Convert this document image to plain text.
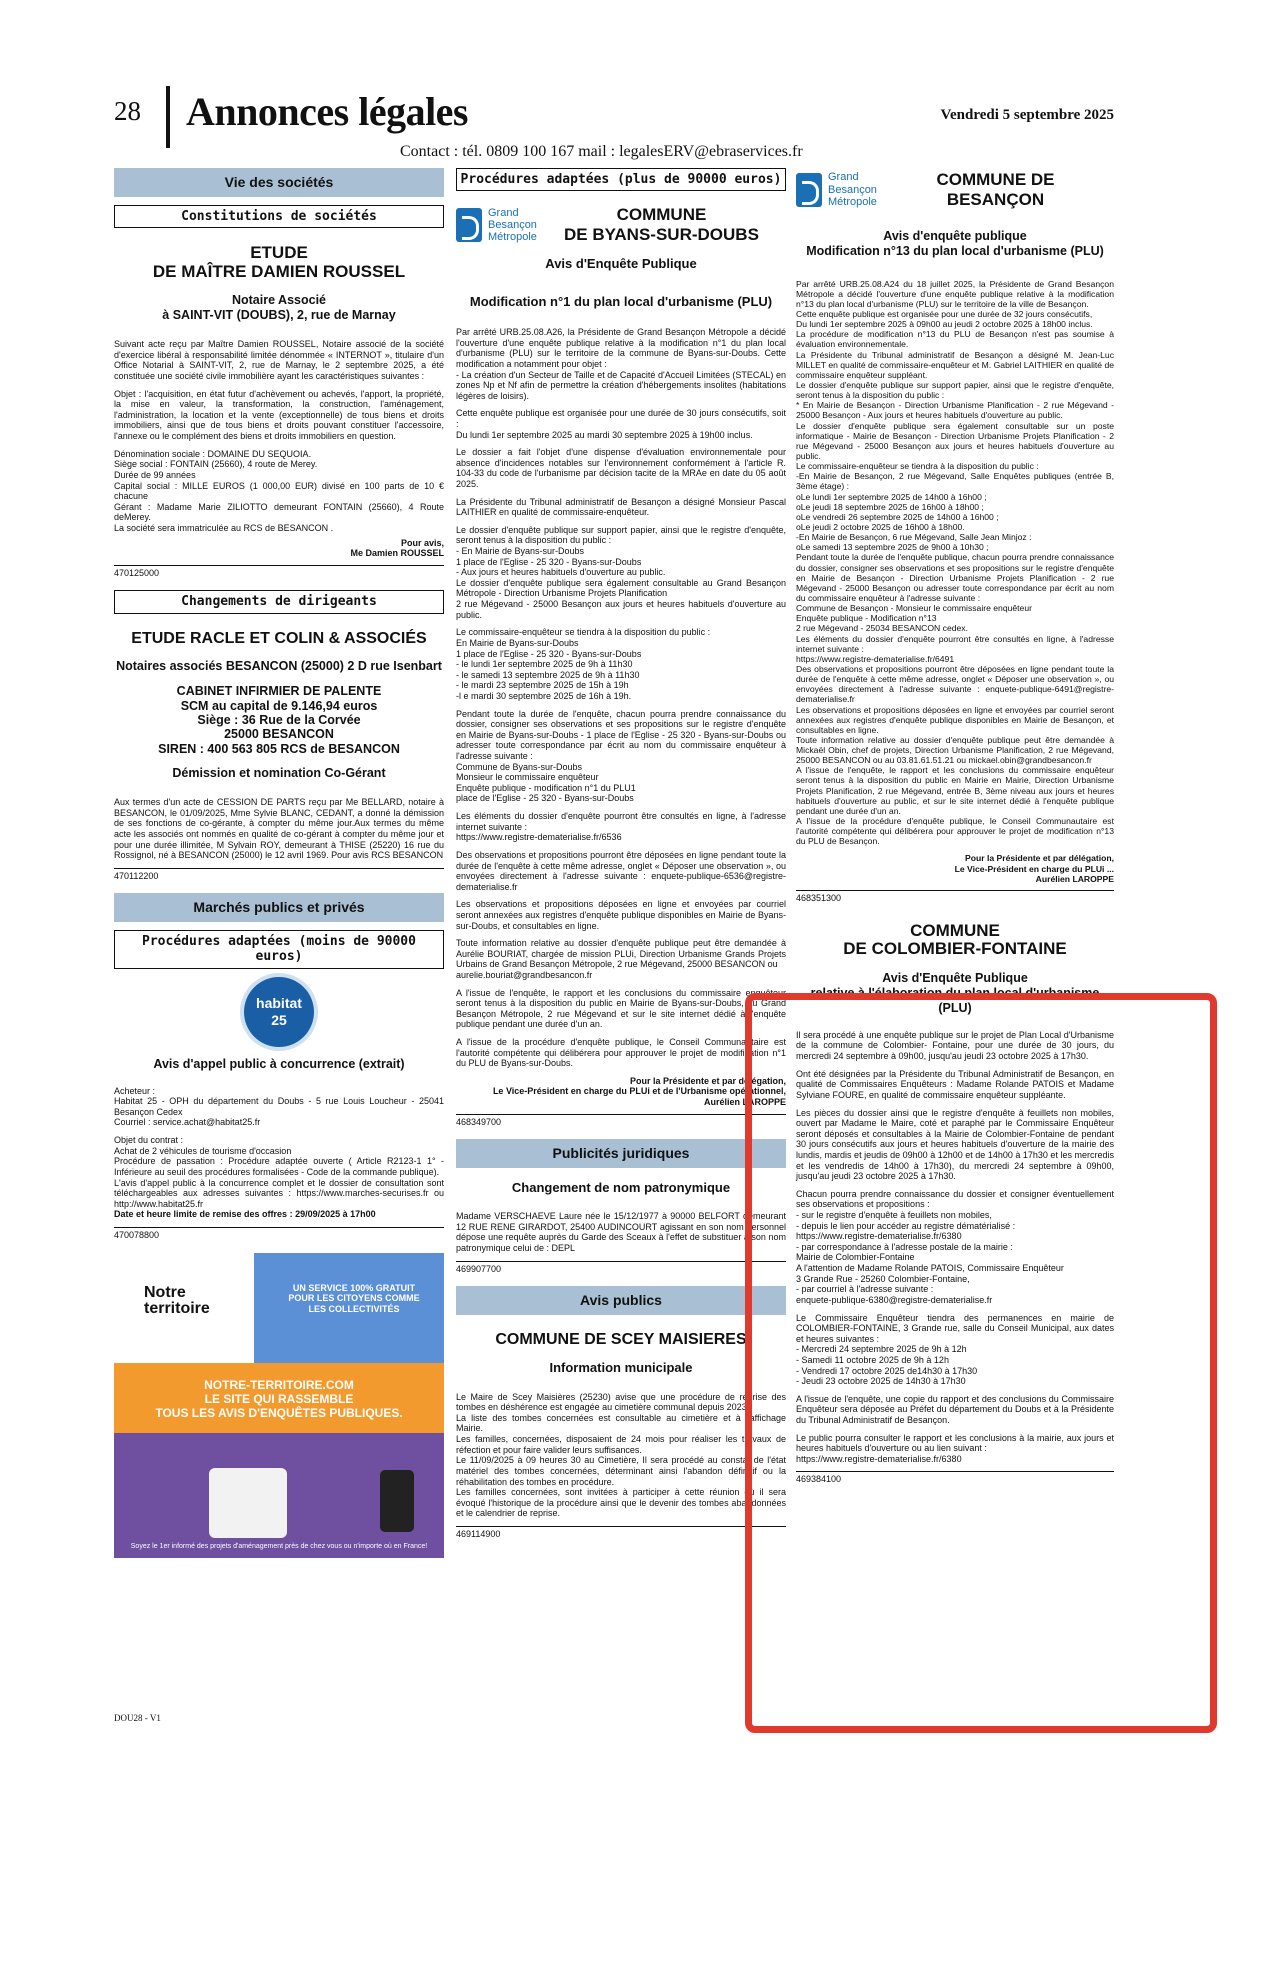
28 Annonces légales	Vendredi 5 septembre 2025
Contact : tél. 0809 100 167 mail : legalesERV@ebraservices.fr
Vie des sociétés
Constitutions de sociétés
ETUDE
DE MAÎTRE DAMIEN ROUSSEL
Notaire Associé
à SAINT-VIT (DOUBS), 2, rue de Marnay

Suivant acte reçu par Maître Damien ROUSSEL, Notaire associé de la société d'exercice libéral à responsabilité limitée dénommée « INTERNOT », titulaire d'un Office Notarial à SAINT-VIT, 2, rue de Marnay, le 2 septembre 2025, a été constituée une société civile immobilière ayant les caractéristiques suivantes :

Objet : l'acquisition, en état futur d'achèvement ou achevés, l'apport, la propriété, la mise en valeur, la transformation, la construction, l'aménagement, l'administration, la location et la vente (exceptionnelle) de tous biens et droits immobiliers, ainsi que de tous biens et droits pouvant constituer l'accessoire, l'annexe ou le complément des biens et droits immobiliers en question.

Dénomination sociale : DOMAINE DU SEQUOIA.

Siège social : FONTAIN (25660), 4 route de Merey.

Durée de 99 années

Capital social : MILLE EUROS (1 000,00 EUR) divisé en 100 parts de 10 € chacune

Gérant : Madame Marie ZILIOTTO demeurant FONTAIN (25660), 4 Route deMerey.

La société sera immatriculée au RCS de BESANCON .

Pour avis,
Me Damien ROUSSEL
470125000
Changements de dirigeants
ETUDE RACLE ET COLIN & ASSOCIÉS
Notaires associés BESANCON (25000) 2 D rue Isenbart
CABINET INFIRMIER DE PALENTE
SCM au capital de 9.146,94 euros
Siège : 36 Rue de la Corvée
25000 BESANCON
SIREN : 400 563 805 RCS de BESANCON
Démission et nomination Co-Gérant

Aux termes d'un acte de CESSION DE PARTS reçu par Me BELLARD, notaire à BESANCON, le 01/09/2025, Mme Sylvie BLANC, CEDANT, a donné la démission de ses fonctions de co-gérante, à compter du même jour.Aux termes du même acte les associés ont nommés en qualité de co-gérant à compter du même jour et pour une durée illimitée, M Sylvain ROY, demeurant à THISE (25220) 16 rue du Rossignol, né à BESANCON (25000) le 12 avril 1969. Pour avis RCS BESANCON

470112200
Marchés publics et privés
Procédures adaptées (moins de 90000 euros)
habitat
25
Avis d'appel public à concurrence (extrait)

Acheteur :
Habitat 25 - OPH du département du Doubs - 5 rue Louis Loucheur - 25041 Besançon Cedex
Courriel : service.achat@habitat25.fr

Objet du contrat :
Achat de 2 véhicules de tourisme d'occasion
Procédure de passation : Procédure adaptée ouverte ( Article R2123-1 1° - Inférieure au seuil des procédures formalisées - Code de la commande publique).
L'avis d'appel public à la concurrence complet et le dossier de consultation sont téléchargeables aux adresses suivantes : https://www.marches-securises.fr ou http://www.habitat25.fr

Date et heure limite de remise des offres : 29/09/2025 à 17h00

470078800
Notre
territoire
UN SERVICE 100% GRATUIT POUR LES CITOYENS COMME LES COLLECTIVITÉS
NOTRE-TERRITOIRE.COM
LE SITE QUI RASSEMBLE
TOUS LES AVIS D'ENQUÊTES PUBLIQUES.
Soyez le 1er informé des projets d'aménagement près de chez vous ou n'importe où en France!
Procédures adaptées (plus de 90000 euros)
Grand
Besançon
Métropole
COMMUNE
DE BYANS-SUR-DOUBS
Avis d'Enquête Publique
Modification n°1 du plan local d'urbanisme (PLU)

Par arrêté URB.25.08.A26, la Présidente de Grand Besançon Métropole a décidé l'ouverture d'une enquête publique relative à la modification n°1 du plan local d'urbanisme (PLU) sur le territoire de la commune de Byans-sur-Doubs. Cette modification a notamment pour objet :
- La création d'un Secteur de Taille et de Capacité d'Accueil Limitées (STECAL) en zones Np et Nf afin de permettre la création d'hébergements insolites (habitations légères de loisirs).

Cette enquête publique est organisée pour une durée de 30 jours consécutifs, soit :
Du lundi 1er septembre 2025 au mardi 30 septembre 2025 à 19h00 inclus.

Le dossier a fait l'objet d'une dispense d'évaluation environnementale pour absence d'incidences notables sur l'environnement conformément à l'article R. 104-33 du code de l'urbanisme par décision tacite de la MRAe en date du 05 août 2025.

La Présidente du Tribunal administratif de Besançon a désigné Monsieur Pascal LAITHIER en qualité de commissaire-enquêteur.

Le dossier d'enquête publique sur support papier, ainsi que le registre d'enquête, seront tenus à la disposition du public :
- En Mairie de Byans-sur-Doubs
1 place de l'Eglise - 25 320 - Byans-sur-Doubs
- Aux jours et heures habituels d'ouverture au public.
Le dossier d'enquête publique sera également consultable au Grand Besançon Métropole - Direction Urbanisme Projets Planification
2 rue Mégevand - 25000 Besançon aux jours et heures habituels d'ouverture au public.

Le commissaire-enquêteur se tiendra à la disposition du public :
En Mairie de Byans-sur-Doubs
1 place de l'Eglise - 25 320 - Byans-sur-Doubs
- le lundi 1er septembre 2025 de 9h à 11h30
- le samedi 13 septembre 2025 de 9h à 11h30
- le mardi 23 septembre 2025 de 15h à 19h
-l e mardi 30 septembre 2025 de 16h à 19h.

Pendant toute la durée de l'enquête, chacun pourra prendre connaissance du dossier, consigner ses observations et ses propositions sur le registre d'enquête en Mairie de Byans-sur-Doubs - 1 place de l'Eglise - 25 320 - Byans-sur-Doubs ou adresser toute correspondance par écrit au nom du commissaire enquêteur à l'adresse suivante :
Commune de Byans-sur-Doubs
Monsieur le commissaire enquêteur
Enquête publique - modification n°1 du PLU1
place de l'Eglise - 25 320 - Byans-sur-Doubs

Les éléments du dossier d'enquête pourront être consultés en ligne, à l'adresse internet suivante :
https://www.registre-dematerialise.fr/6536

Des observations et propositions pourront être déposées en ligne pendant toute la durée de l'enquête à cette même adresse, onglet « Déposer une observation », ou envoyées directement à l'adresse suivante : enquete-publique-6536@registre-dematerialise.fr

Les observations et propositions déposées en ligne et envoyées par courriel seront annexées aux registres d'enquête publique disponibles en Mairie de Byans-sur-Doubs, et consultables en ligne.

Toute information relative au dossier d'enquête publique peut être demandée à Aurélie BOURIAT, chargée de mission PLUi, Direction Urbanisme Grands Projets Urbains de Grand Besançon Métropole, 2 rue Mégevand, 25000 BESANCON ou
aurelie.bouriat@grandbesancon.fr

A l'issue de l'enquête, le rapport et les conclusions du commissaire enquêteur seront tenus à la disposition du public en Mairie de Byans-sur-Doubs, au Grand Besançon Métropole, 2 rue Mégevand et sur le site internet dédié à l'enquête publique pendant une durée d'un an.

A l'issue de la procédure d'enquête publique, le Conseil Communautaire est l'autorité compétente qui délibérera pour approuver le projet de modification n°1 du PLU de Byans-sur-Doubs.

Pour la Présidente et par délégation,
Le Vice-Président en charge du PLUi et de l'Urbanisme opérationnel,
Aurélien LAROPPE
468349700
Publicités juridiques
Changement de nom patronymique

Madame VERSCHAEVE Laure née le 15/12/1977 à 90000 BELFORT demeurant 12 RUE RENE GIRARDOT, 25400 AUDINCOURT agissant en son nom personnel dépose une requête auprès du Garde des Sceaux à l'effet de substituer à son nom patronymique celui de : DEPL

469907700
Avis publics
COMMUNE DE SCEY MAISIERES
Information municipale

Le Maire de Scey Maisières (25230) avise que une procédure de reprise des tombes en déshérence est engagée au cimetière communal depuis 2023.
La liste des tombes concernées est consultable au cimetière et à l'affichage Mairie.
Les familles, concernées, disposaient de 24 mois pour réaliser les travaux de réfection et pour faire valider leurs suffisances.
Le 11/09/2025 à 09 heures 30 au Cimetière, Il sera procédé au constat de l'état matériel des tombes concernées, déterminant ainsi l'abandon définitif ou la réhabilitation des tombes en procédure.
Les familles concernées, sont invitées à participer à cette réunion où il sera évoqué l'historique de la procédure ainsi que le devenir des tombes abandonnées et le calendrier de reprise.

469114900
Grand
Besançon
Métropole
COMMUNE DE
BESANÇON
Avis d'enquête publique
Modification n°13 du plan local d'urbanisme (PLU)

Par arrêté URB.25.08.A24 du 18 juillet 2025, la Présidente de Grand Besançon Métropole a décidé l'ouverture d'une enquête publique relative à la modification n°13 du plan local d'urbanisme (PLU) sur le territoire de la ville de Besançon.
Cette enquête publique est organisée pour une durée de 32 jours consécutifs,
Du lundi 1er septembre 2025 à 09h00 au jeudi 2 octobre 2025 à 18h00 inclus.
La procédure de modification n°13 du PLU de Besançon n'est pas soumise à évaluation environnementale.
La Présidente du Tribunal administratif de Besançon a désigné M. Jean-Luc MILLET en qualité de commissaire-enquêteur et M. Gabriel LAITHIER en qualité de commissaire enquêteur suppléant.
Le dossier d'enquête publique sur support papier, ainsi que le registre d'enquête, seront tenus à la disposition du public :
* En Mairie de Besançon - Direction Urbanisme Planification - 2 rue Mégevand - 25000 Besançon - Aux jours et heures habituels d'ouverture au public.
Le dossier d'enquête publique sera également consultable sur un poste informatique - Mairie de Besançon - Direction Urbanisme Projets Planification - 2 rue Mégevand - 25000 Besançon aux jours et heures habituels d'ouverture au public.
Le commissaire-enquêteur se tiendra à la disposition du public :
-En Mairie de Besançon, 2 rue Mégevand, Salle Enquêtes publiques (entrée B, 3ème étage) :
oLe lundi 1er septembre 2025 de 14h00 à 16h00 ;
oLe jeudi 18 septembre 2025 de 16h00 à 18h00 ;
oLe vendredi 26 septembre 2025 de 14h00 à 16h00 ;
oLe jeudi 2 octobre 2025 de 16h00 à 18h00.
-En Mairie de Besançon, 6 rue Mégevand, Salle Jean Minjoz :
oLe samedi 13 septembre 2025 de 9h00 à 10h30 ;
Pendant toute la durée de l'enquête publique, chacun pourra prendre connaissance du dossier, consigner ses observations et ses propositions sur le registre d'enquête en Mairie de Besançon - Direction Urbanisme Projets Planification - 2 rue Mégevand - 25000 Besançon ou adresser toute correspondance par écrit au nom du commissaire enquêteur à l'adresse suivante :
Commune de Besançon - Monsieur le commissaire enquêteur
Enquête publique - Modification n°13
2 rue Mégevand - 25034 BESANCON cedex.
Les éléments du dossier d'enquête pourront être consultés en ligne, à l'adresse internet suivante :
https://www.registre-dematerialise.fr/6491
Des observations et propositions pourront être déposées en ligne pendant toute la durée de l'enquête à cette même adresse, onglet « Déposer une observation », ou envoyées directement à l'adresse suivante : enquete-publique-6491@registre-dematerialise.fr
Les observations et propositions déposées en ligne et envoyées par courriel seront annexées aux registres d'enquête publique disponibles en Mairie de Besançon, et consultables en ligne.
Toute information relative au dossier d'enquête publique peut être demandée à Mickaël Obin, chef de projets, Direction Urbanisme Planification, 2 rue Mégevand, 25000 BESANCON ou au 03.81.61.51.21 ou mickael.obin@grandbesancon.fr
A l'issue de l'enquête, le rapport et les conclusions du commissaire enquêteur seront tenus à la disposition du public en Mairie en Mairie, Direction Urbanisme Projets Planification, 2 rue Mégevand, entrée B, 3ème niveau aux jours et heures habituels d'ouverture au public, et sur le site internet dédié à l'enquête publique pendant une durée d'un an.
A l'issue de la procédure d'enquête publique, le Conseil Communautaire est l'autorité compétente qui délibérera pour approuver le projet de modification n°13 du PLU de Besançon.

Pour la Présidente et par délégation,
Le Vice-Président en charge du PLUi ...
Aurélien LAROPPE
468351300
COMMUNE
DE COLOMBIER-FONTAINE
Avis d'Enquête Publique
relative à l'élaboration du plan local d'urbanisme
(PLU)

Il sera procédé à une enquête publique sur le projet de Plan Local d'Urbanisme de la commune de Colombier- Fontaine, pour une durée de 30 jours, du mercredi 24 septembre à 09h00, jusqu'au jeudi 23 octobre 2025 à 17h30.

Ont été désignées par la Présidente du Tribunal Administratif de Besançon, en qualité de Commissaires Enquêteurs : Madame Rolande PATOIS et Madame Sylviane FOURE, en qualité de commissaire enquêteur suppléante.

Les pièces du dossier ainsi que le registre d'enquête à feuillets non mobiles, ouvert par Madame le Maire, coté et paraphé par le Commissaire Enquêteur seront déposés et consultables à la Mairie de Colombier-Fontaine de pendant 30 jours consécutifs aux jours et heures habituels d'ouverture de la mairie des lundis, mardis et jeudis de 09h00 à 12h00 et de 14h00 à 17h30 et les mercredis et les vendredis de 14h00 à 17h30), du mercredi 24 septembre à 09h00, jusqu'au jeudi 23 octobre 2025 à 17h30.

Chacun pourra prendre connaissance du dossier et consigner éventuellement ses observations et propositions :
- sur le registre d'enquête à feuillets non mobiles,
- depuis le lien pour accéder au registre dématérialisé :
https://www.registre-dematerialise.fr/6380
- par correspondance à l'adresse postale de la mairie :
Mairie de Colombier-Fontaine
A l'attention de Madame Rolande PATOIS, Commissaire Enquêteur
3 Grande Rue - 25260 Colombier-Fontaine,
- par courriel à l'adresse suivante :
enquete-publique-6380@registre-dematerialise.fr

Le Commissaire Enquêteur tiendra des permanences en mairie de COLOMBIER-FONTAINE, 3 Grande rue, salle du Conseil Municipal, aux dates et heures suivantes :
- Mercredi 24 septembre 2025 de 9h à 12h
- Samedi 11 octobre 2025 de 9h à 12h
- Vendredi 17 octobre 2025 de14h30 à 17h30
- Jeudi 23 octobre 2025 de 14h30 à 17h30

A l'issue de l'enquête, une copie du rapport et des conclusions du Commissaire Enquêteur sera déposée au Préfet du département du Doubs et à la Présidente du Tribunal Administratif de Besançon.

Le public pourra consulter le rapport et les conclusions à la mairie, aux jours et heures habituels d'ouverture ou au lien suivant :
https://www.registre-dematerialise.fr/6380

469384100
DOU28 - V1
